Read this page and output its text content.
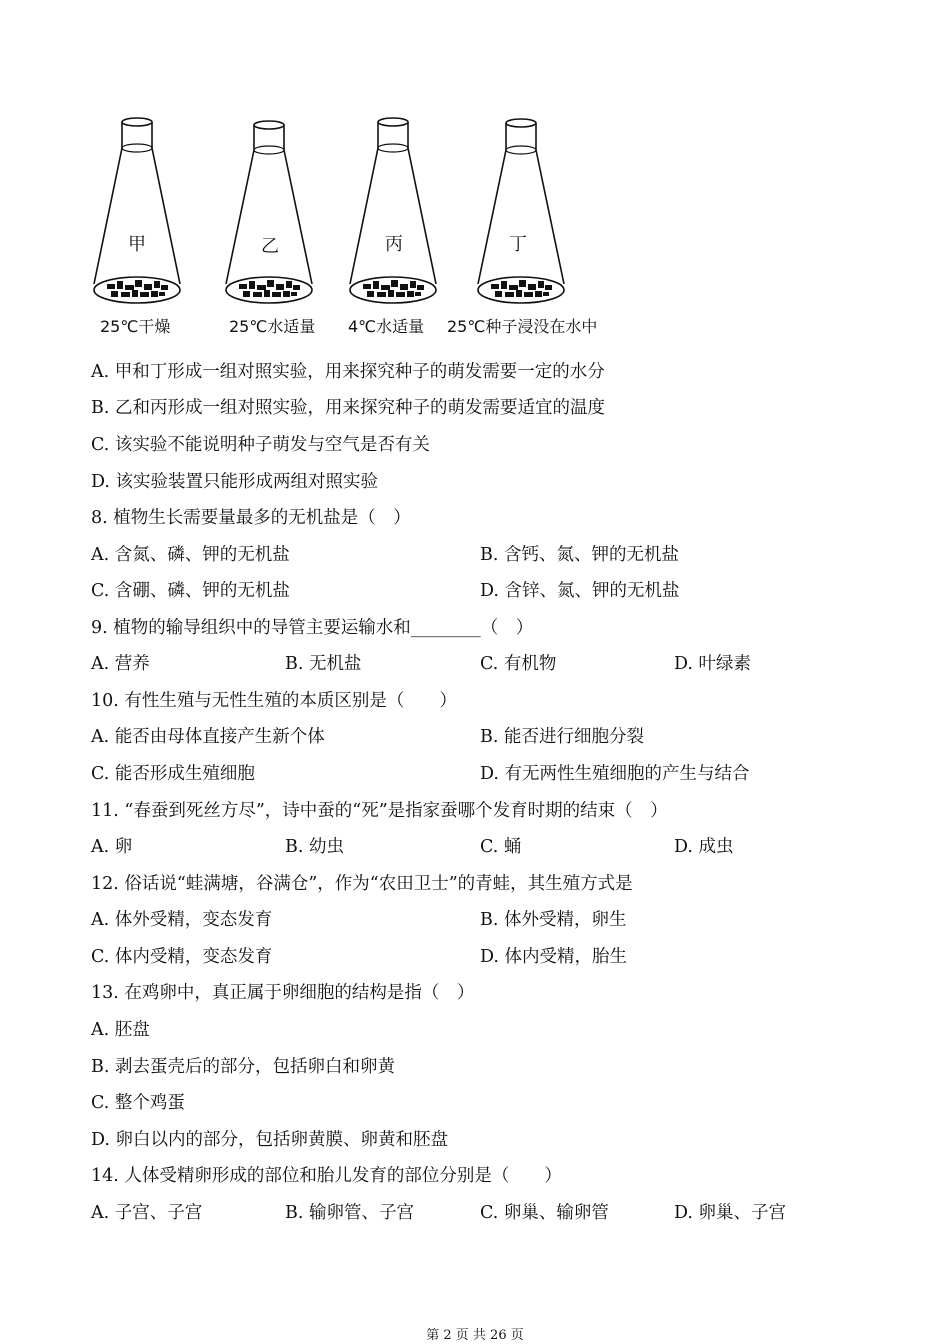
甲	乙	丙	丁
25℃干燥	25℃水适量 4℃水适量 25℃种子浸没在水中
A. 甲和丁形成一组对照实验，用来探究种子的萌发需要一定的水分
B. 乙和丙形成一组对照实验，用来探究种子的萌发需要适宜的温度
C. 该实验不能说明种子萌发与空气是否有关
D. 该实验装置只能形成两组对照实验
8. 植物生长需要量最多的无机盐是（　）
A. 含氮、磷、钾的无机盐	B. 含钙、氮、钾的无机盐
C. 含硼、磷、钾的无机盐	D. 含锌、氮、钾的无机盐
9. 植物的输导组织中的导管主要运输水和________（　）
A. 营养	B. 无机盐	C. 有机物	D. 叶绿素
10. 有性生殖与无性生殖的本质区别是（　　）
A. 能否由母体直接产生新个体	B. 能否进行细胞分裂
C. 能否形成生殖细胞	D. 有无两性生殖细胞的产生与结合
11. “春蚕到死丝方尽”，诗中蚕的“死”是指家蚕哪个发育时期的结束（　）
A. 卵	B. 幼虫	C. 蛹	D. 成虫
12. 俗话说“蛙满塘，谷满仓”，作为“农田卫士”的青蛙，其生殖方式是
A. 体外受精，变态发育	B. 体外受精，卵生
C. 体内受精，变态发育	D. 体内受精，胎生
13. 在鸡卵中，真正属于卵细胞的结构是指（　）
A. 胚盘
B. 剥去蛋壳后的部分，包括卵白和卵黄
C. 整个鸡蛋
D. 卵白以内的部分，包括卵黄膜、卵黄和胚盘
14. 人体受精卵形成的部位和胎儿发育的部位分别是（　　）
A. 子宫、子宫	B. 输卵管、子宫	C. 卵巢、输卵管	D. 卵巢、子宫
第 2 页 共 26 页
